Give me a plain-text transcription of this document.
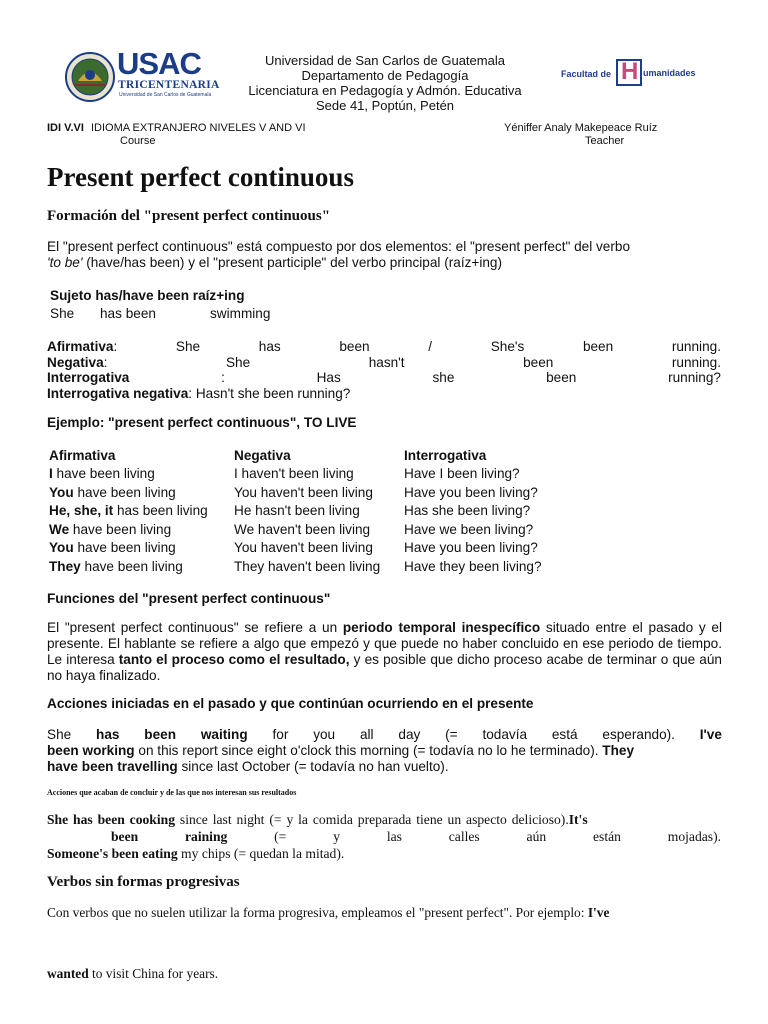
USAC
TRICENTENARIA
Universidad de San Carlos de Guatemala
Universidad de San Carlos de Guatemala
Departamento de Pedagogía
Licenciatura en Pedagogía y Admón. Educativa
Sede 41, Poptún, Petén
Facultad de H umanidades
IDI V.VI IDIOMA EXTRANJERO NIVELES V AND VI	Yéniffer Analy Makepeace Ruíz
Course	Teacher
Present perfect continuous
Formación del "present perfect continuous"
El "present perfect continuous" está compuesto por dos elementos: el "present perfect" del verbo
'to be' (have/has been) y el "present participle" del verbo principal (raíz+ing)
Sujeto has/have been raíz+ing
She has been	swimming
Afirmativa:	She	has	been	/	She's	been	running.
Negativa:	She	hasn't	been	running.
Interrogativa	:	Has	she	been	running?
Interrogativa negativa: Hasn't she been running?
Ejemplo: "present perfect continuous", TO LIVE
Afirmativa	Negativa	Interrogativa
I have been living	I haven't been living	Have I been living?
You have been living	You haven't been living	Have you been living?
He, she, it has been living	He hasn't been living	Has she been living?
We have been living	We haven't been living	Have we been living?
You have been living	You haven't been living	Have you been living?
They have been living	They haven't been living	Have they been living?
Funciones del "present perfect continuous"
El "present perfect continuous" se refiere a un periodo temporal inespecífico situado entre el pasado y el presente. El hablante se refiere a algo que empezó y que puede no haber concluido en ese periodo de tiempo. Le interesa tanto el proceso como el resultado, y es posible que dicho proceso acabe de terminar o que aún no haya finalizado.
Acciones iniciadas en el pasado y que continúan ocurriendo en el presente
She has been waiting for you all day (= todavía está esperando). I've
been working on this report since eight o'clock this morning (= todavía no lo he terminado). They
have been travelling since last October (= todavía no han vuelto).
Acciones que acaban de concluir y de las que nos interesan sus resultados
She has been cooking since last night (= y la comida preparada tiene un aspecto delicioso).It's
been	raining	(=	y	las	calles	aún	están	mojadas).
Someone's been eating my chips (= quedan la mitad).
Verbos sin formas progresivas
Con verbos que no suelen utilizar la forma progresiva, empleamos el "present perfect". Por ejemplo: I've
wanted to visit China for years.
